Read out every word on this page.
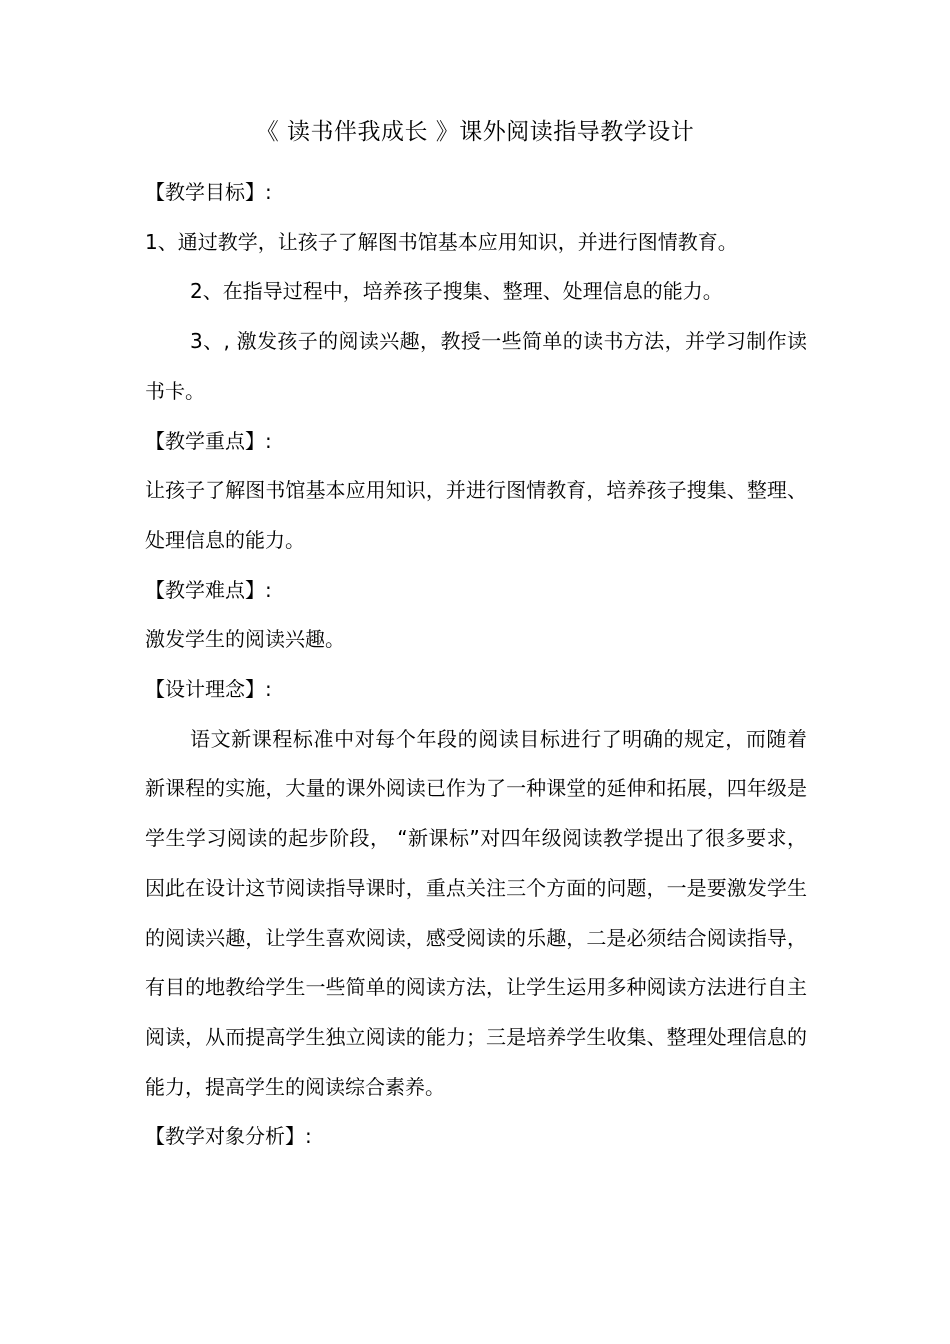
《 读书伴我成长 》课外阅读指导教学设计

【教学目标】:

1、通过教学，让孩子了解图书馆基本应用知识，并进行图情教育。

2、在指导过程中，培养孩子搜集、整理、处理信息的能力。

3、, 激发孩子的阅读兴趣，教授一些简单的读书方法，并学习制作读书卡。

【教学重点】:

让孩子了解图书馆基本应用知识，并进行图情教育，培养孩子搜集、整理、处理信息的能力。

【教学难点】:

激发学生的阅读兴趣。

【设计理念】:

语文新课程标准中对每个年段的阅读目标进行了明确的规定，而随着新课程的实施，大量的课外阅读已作为了一种课堂的延伸和拓展，四年级是学生学习阅读的起步阶段， “新课标”对四年级阅读教学提出了很多要求， 因此在设计这节阅读指导课时，重点关注三个方面的问题，一是要激发学生的阅读兴趣，让学生喜欢阅读，感受阅读的乐趣，二是必须结合阅读指导，有目的地教给学生一些简单的阅读方法，让学生运用多种阅读方法进行自主阅读，从而提高学生独立阅读的能力；三是培养学生收集、整理处理信息的能力，提高学生的阅读综合素养。

【教学对象分析】:
